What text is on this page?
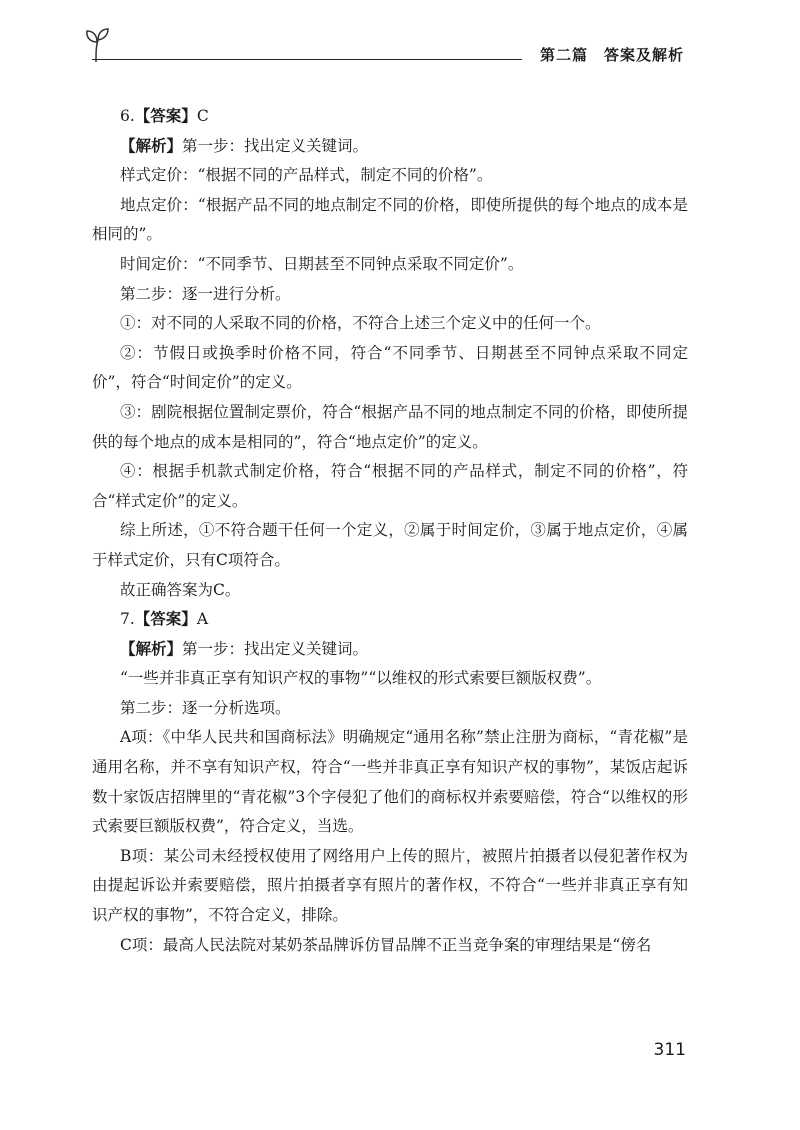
第二篇 答案及解析

6.【答案】C

【解析】第一步：找出定义关键词。

样式定价：“根据不同的产品样式，制定不同的价格”。

地点定价：“根据产品不同的地点制定不同的价格，即使所提供的每个地点的成本是相同的”。

时间定价：“不同季节、日期甚至不同钟点采取不同定价”。

第二步：逐一进行分析。

①：对不同的人采取不同的价格，不符合上述三个定义中的任何一个。

②：节假日或换季时价格不同，符合“不同季节、日期甚至不同钟点采取不同定价”，符合“时间定价”的定义。

③：剧院根据位置制定票价，符合“根据产品不同的地点制定不同的价格，即使所提供的每个地点的成本是相同的”，符合“地点定价”的定义。

④：根据手机款式制定价格，符合“根据不同的产品样式，制定不同的价格”，符合“样式定价”的定义。

综上所述，①不符合题干任何一个定义，②属于时间定价，③属于地点定价，④属于样式定价，只有C项符合。

故正确答案为C。

7.【答案】A

【解析】第一步：找出定义关键词。

“一些并非真正享有知识产权的事物”“以维权的形式索要巨额版权费”。

第二步：逐一分析选项。

A项：《中华人民共和国商标法》明确规定“通用名称”禁止注册为商标，“青花椒”是通用名称，并不享有知识产权，符合“一些并非真正享有知识产权的事物”，某饭店起诉数十家饭店招牌里的“青花椒”3个字侵犯了他们的商标权并索要赔偿，符合“以维权的形式索要巨额版权费”，符合定义，当选。

B项：某公司未经授权使用了网络用户上传的照片，被照片拍摄者以侵犯著作权为由提起诉讼并索要赔偿，照片拍摄者享有照片的著作权，不符合“一些并非真正享有知识产权的事物”，不符合定义，排除。

C项：最高人民法院对某奶茶品牌诉仿冒品牌不正当竞争案的审理结果是“傍名

311
